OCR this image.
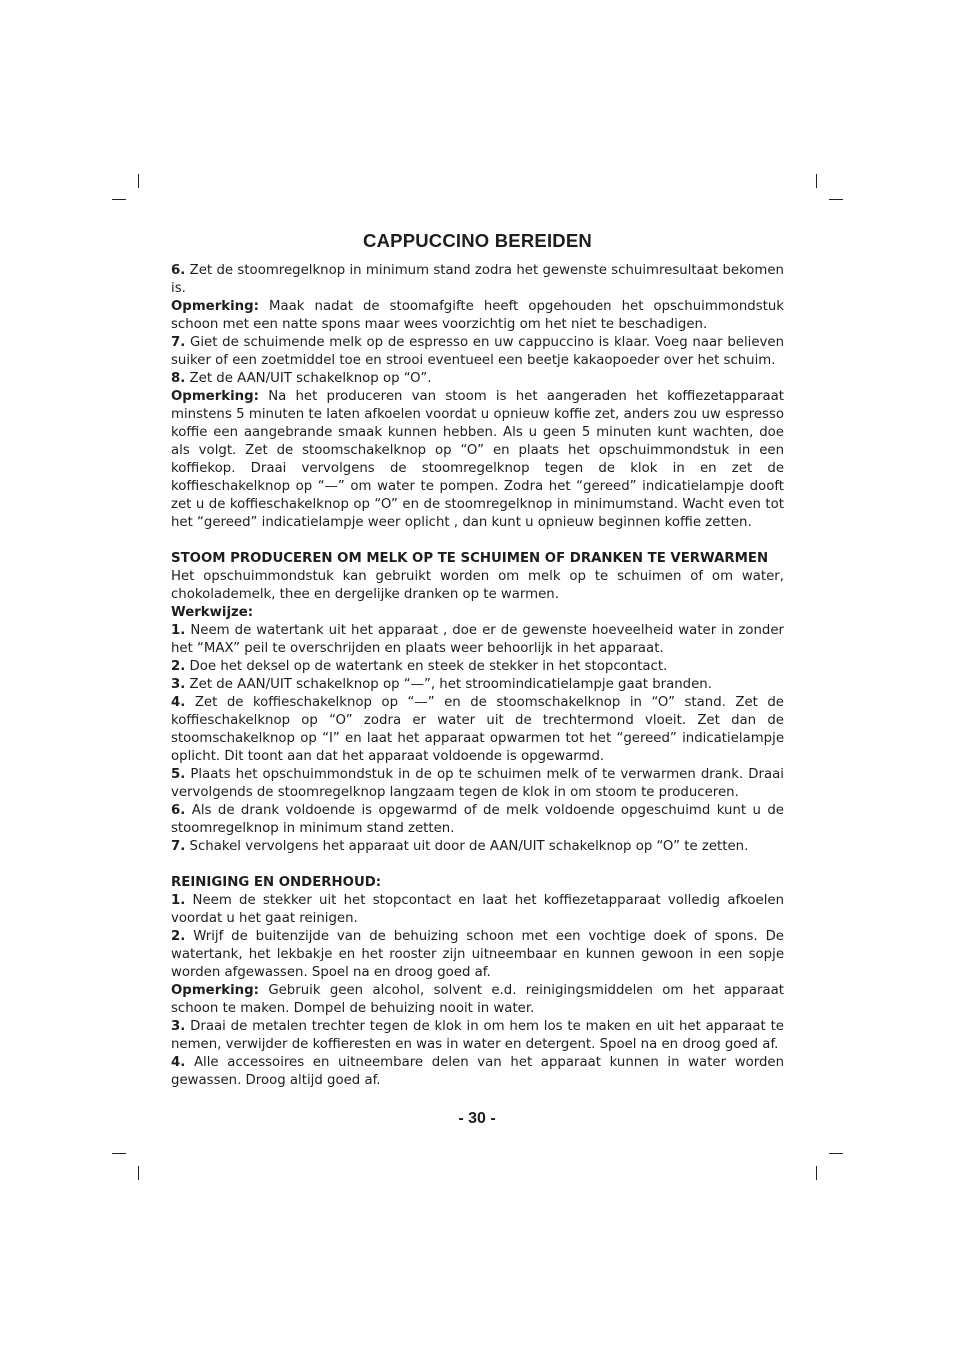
CAPPUCCINO BEREIDEN

6. Zet de stoomregelknop in minimum stand zodra het gewenste schuimresultaat bekomen is.

Opmerking: Maak nadat de stoomafgifte heeft opgehouden het opschuimmondstuk schoon met een natte spons maar wees voorzichtig om het niet te beschadigen.

7. Giet de schuimende melk op de espresso en uw cappuccino is klaar. Voeg naar believen suiker of een zoetmiddel toe en strooi eventueel een beetje kakaopoeder over het schuim.

8. Zet de AAN/UIT schakelknop op “O”.

Opmerking: Na het produceren van stoom is het aangeraden het koffiezetapparaat minstens 5 minuten te laten afkoelen voordat u opnieuw koffie zet, anders zou uw espresso koffie een aangebrande smaak kunnen hebben. Als u geen 5 minuten kunt wachten, doe als volgt. Zet de stoomschakelknop op “O” en plaats het opschuimmondstuk in een koffiekop. Draai vervolgens de stoomregelknop tegen de klok in en zet de koffieschakelknop op “—” om water te pompen. Zodra het “gereed” indicatielampje dooft zet u de koffieschakelknop op “O” en de stoomregelknop in minimumstand. Wacht even tot het “gereed” indicatielampje weer oplicht , dan kunt u opnieuw beginnen koffie zetten.

STOOM PRODUCEREN OM MELK OP TE SCHUIMEN OF DRANKEN TE VERWARMEN

Het opschuimmondstuk kan gebruikt worden om melk op te schuimen of om water, chokolademelk, thee en dergelijke dranken op te warmen.

Werkwijze:

1. Neem de watertank uit het apparaat , doe er de gewenste hoeveelheid water in zonder het “MAX” peil te overschrijden en plaats weer behoorlijk in het apparaat.

2. Doe het deksel op de watertank en steek de stekker in het stopcontact.

3. Zet de AAN/UIT schakelknop op “—”, het stroomindicatielampje gaat branden.

4. Zet de koffieschakelknop op “—” en de stoomschakelknop in “O” stand. Zet de koffieschakelknop op “O” zodra er water uit de trechtermond vloeit. Zet dan de stoomschakelknop op “I” en laat het apparaat opwarmen tot het “gereed” indicatielampje oplicht. Dit toont aan dat het apparaat voldoende is opgewarmd.

5. Plaats het opschuimmondstuk in de op te schuimen melk of te verwarmen drank. Draai vervolgends de stoomregelknop langzaam tegen de klok in om stoom te produceren.

6. Als de drank voldoende is opgewarmd of de melk voldoende opgeschuimd kunt u de stoomregelknop in minimum stand zetten.

7. Schakel vervolgens het apparaat uit door de AAN/UIT schakelknop op “O” te zetten.

REINIGING EN ONDERHOUD:

1. Neem de stekker uit het stopcontact en laat het koffiezetapparaat volledig afkoelen voordat u het gaat reinigen.

2. Wrijf de buitenzijde van de behuizing schoon met een vochtige doek of spons. De watertank, het lekbakje en het rooster zijn uitneembaar en kunnen gewoon in een sopje worden afgewassen. Spoel na en droog goed af.

Opmerking: Gebruik geen alcohol, solvent e.d. reinigingsmiddelen om het apparaat schoon te maken. Dompel de behuizing nooit in water.

3. Draai de metalen trechter tegen de klok in om hem los te maken en uit het apparaat te nemen, verwijder de koffieresten en was in water en detergent. Spoel na en droog goed af.

4. Alle accessoires en uitneembare delen van het apparaat kunnen in water worden gewassen. Droog altijd goed af.

- 30 -
